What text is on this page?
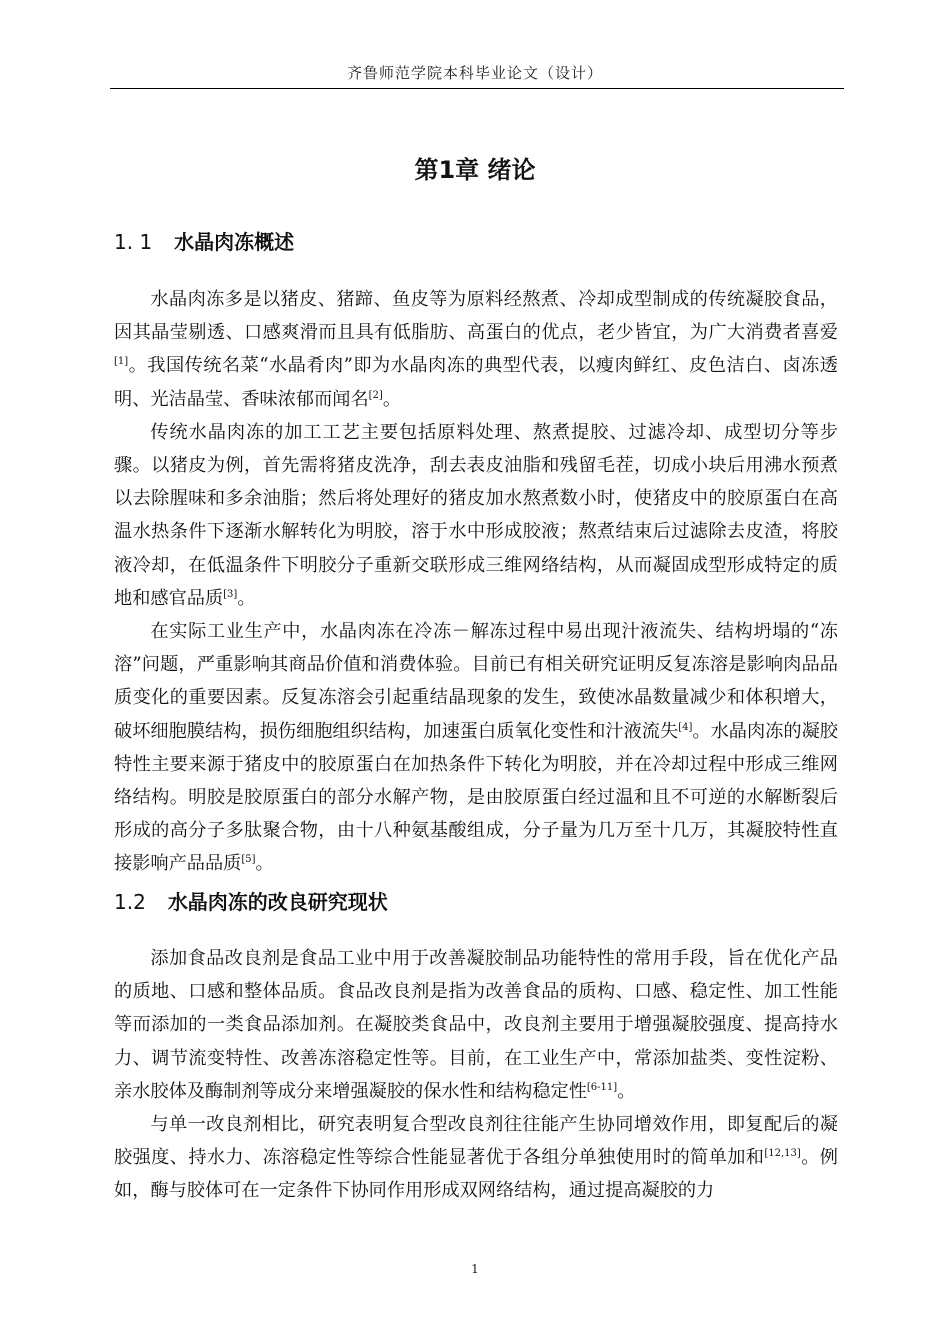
齐鲁师范学院本科毕业论文（设计）
第1章 绪论
1. 1 水晶肉冻概述

水晶肉冻多是以猪皮、猪蹄、鱼皮等为原料经熬煮、冷却成型制成的传统凝胶食品，因其晶莹剔透、口感爽滑而且具有低脂肪、高蛋白的优点，老少皆宜，为广大消费者喜爱[1]。我国传统名菜“水晶肴肉”即为水晶肉冻的典型代表，以瘦肉鲜红、皮色洁白、卤冻透明、光洁晶莹、香味浓郁而闻名[2]。

传统水晶肉冻的加工工艺主要包括原料处理、熬煮提胶、过滤冷却、成型切分等步骤。以猪皮为例，首先需将猪皮洗净，刮去表皮油脂和残留毛茬，切成小块后用沸水预煮以去除腥味和多余油脂；然后将处理好的猪皮加水熬煮数小时，使猪皮中的胶原蛋白在高温水热条件下逐渐水解转化为明胶，溶于水中形成胶液；熬煮结束后过滤除去皮渣，将胶液冷却，在低温条件下明胶分子重新交联形成三维网络结构，从而凝固成型形成特定的质地和感官品质[3]。

在实际工业生产中，水晶肉冻在冷冻－解冻过程中易出现汁液流失、结构坍塌的“冻溶”问题，严重影响其商品价值和消费体验。目前已有相关研究证明反复冻溶是影响肉品品质变化的重要因素。反复冻溶会引起重结晶现象的发生，致使冰晶数量减少和体积增大，破坏细胞膜结构，损伤细胞组织结构，加速蛋白质氧化变性和汁液流失[4]。水晶肉冻的凝胶特性主要来源于猪皮中的胶原蛋白在加热条件下转化为明胶，并在冷却过程中形成三维网络结构。明胶是胶原蛋白的部分水解产物，是由胶原蛋白经过温和且不可逆的水解断裂后形成的高分子多肽聚合物，由十八种氨基酸组成，分子量为几万至十几万，其凝胶特性直接影响产品品质[5]。

1.2 水晶肉冻的改良研究现状

添加食品改良剂是食品工业中用于改善凝胶制品功能特性的常用手段，旨在优化产品的质地、口感和整体品质。食品改良剂是指为改善食品的质构、口感、稳定性、加工性能等而添加的一类食品添加剂。在凝胶类食品中，改良剂主要用于增强凝胶强度、提高持水力、调节流变特性、改善冻溶稳定性等。目前，在工业生产中，常添加盐类、变性淀粉、亲水胶体及酶制剂等成分来增强凝胶的保水性和结构稳定性[6-11]。

与单一改良剂相比，研究表明复合型改良剂往往能产生协同增效作用，即复配后的凝胶强度、持水力、冻溶稳定性等综合性能显著优于各组分单独使用时的简单加和[12,13]。例如，酶与胶体可在一定条件下协同作用形成双网络结构，通过提高凝胶的力

1
